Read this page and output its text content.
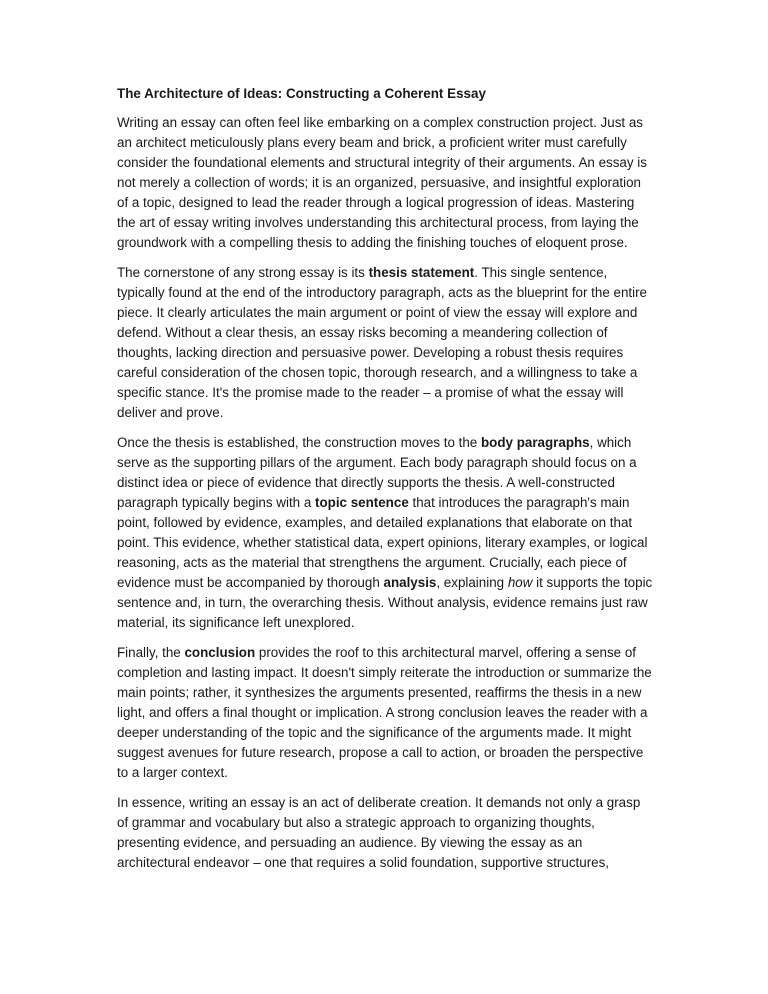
The Architecture of Ideas: Constructing a Coherent Essay

Writing an essay can often feel like embarking on a complex construction project. Just as an architect meticulously plans every beam and brick, a proficient writer must carefully consider the foundational elements and structural integrity of their arguments. An essay is not merely a collection of words; it is an organized, persuasive, and insightful exploration of a topic, designed to lead the reader through a logical progression of ideas. Mastering the art of essay writing involves understanding this architectural process, from laying the groundwork with a compelling thesis to adding the finishing touches of eloquent prose.

The cornerstone of any strong essay is its thesis statement. This single sentence, typically found at the end of the introductory paragraph, acts as the blueprint for the entire piece. It clearly articulates the main argument or point of view the essay will explore and defend. Without a clear thesis, an essay risks becoming a meandering collection of thoughts, lacking direction and persuasive power. Developing a robust thesis requires careful consideration of the chosen topic, thorough research, and a willingness to take a specific stance. It's the promise made to the reader – a promise of what the essay will deliver and prove.

Once the thesis is established, the construction moves to the body paragraphs, which serve as the supporting pillars of the argument. Each body paragraph should focus on a distinct idea or piece of evidence that directly supports the thesis. A well-constructed paragraph typically begins with a topic sentence that introduces the paragraph's main point, followed by evidence, examples, and detailed explanations that elaborate on that point. This evidence, whether statistical data, expert opinions, literary examples, or logical reasoning, acts as the material that strengthens the argument. Crucially, each piece of evidence must be accompanied by thorough analysis, explaining how it supports the topic sentence and, in turn, the overarching thesis. Without analysis, evidence remains just raw material, its significance left unexplored.

Finally, the conclusion provides the roof to this architectural marvel, offering a sense of completion and lasting impact. It doesn't simply reiterate the introduction or summarize the main points; rather, it synthesizes the arguments presented, reaffirms the thesis in a new light, and offers a final thought or implication. A strong conclusion leaves the reader with a deeper understanding of the topic and the significance of the arguments made. It might suggest avenues for future research, propose a call to action, or broaden the perspective to a larger context.

In essence, writing an essay is an act of deliberate creation. It demands not only a grasp of grammar and vocabulary but also a strategic approach to organizing thoughts, presenting evidence, and persuading an audience. By viewing the essay as an architectural endeavor – one that requires a solid foundation, supportive structures,
